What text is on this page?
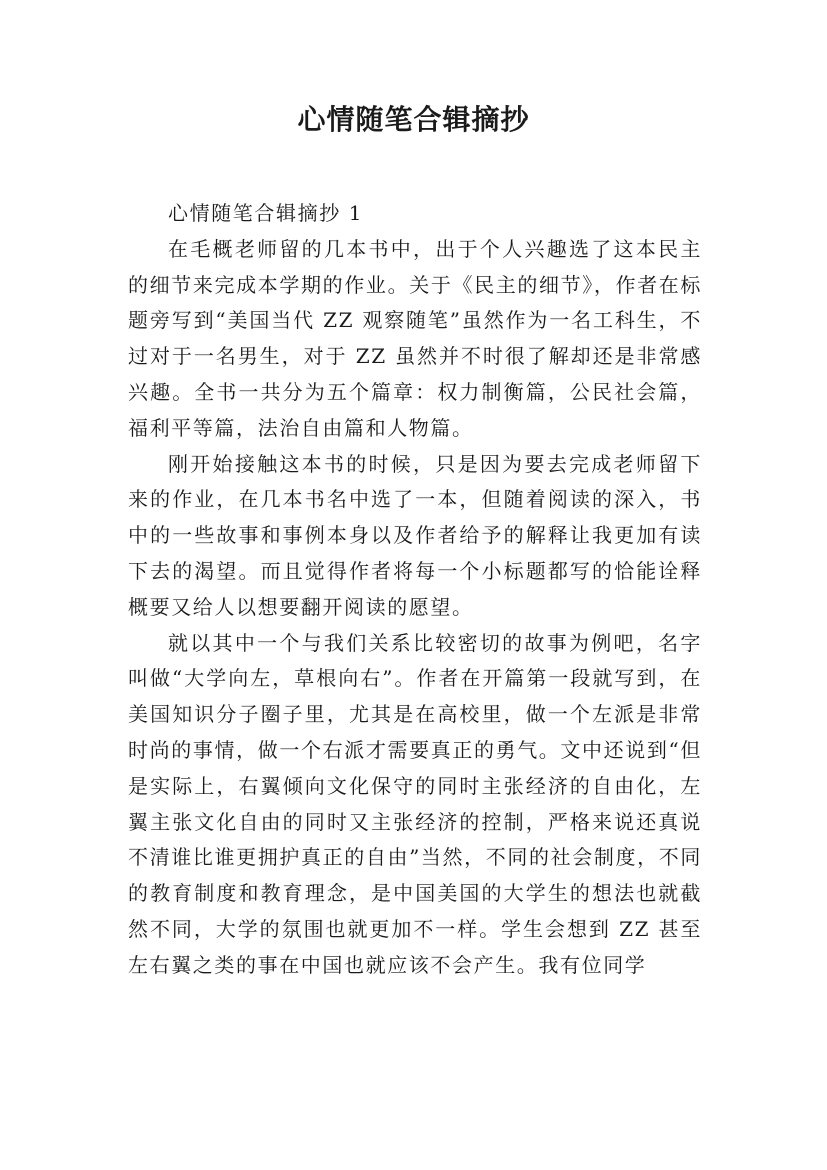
心情随笔合辑摘抄

心情随笔合辑摘抄 1

在毛概老师留的几本书中，出于个人兴趣选了这本民主的细节来完成本学期的作业。关于《民主的细节》，作者在标题旁写到“美国当代 ZZ 观察随笔”虽然作为一名工科生，不过对于一名男生，对于 ZZ 虽然并不时很了解却还是非常感兴趣。全书一共分为五个篇章：权力制衡篇，公民社会篇，福利平等篇，法治自由篇和人物篇。

刚开始接触这本书的时候，只是因为要去完成老师留下来的作业，在几本书名中选了一本，但随着阅读的深入，书中的一些故事和事例本身以及作者给予的解释让我更加有读下去的渴望。而且觉得作者将每一个小标题都写的恰能诠释概要又给人以想要翻开阅读的愿望。

就以其中一个与我们关系比较密切的故事为例吧，名字叫做“大学向左，草根向右”。作者在开篇第一段就写到，在美国知识分子圈子里，尤其是在高校里，做一个左派是非常时尚的事情，做一个右派才需要真正的勇气。文中还说到“但是实际上，右翼倾向文化保守的同时主张经济的自由化，左翼主张文化自由的同时又主张经济的控制，严格来说还真说不清谁比谁更拥护真正的自由”当然，不同的社会制度，不同的教育制度和教育理念，是中国美国的大学生的想法也就截然不同，大学的氛围也就更加不一样。学生会想到 ZZ 甚至左右翼之类的事在中国也就应该不会产生。我有位同学
